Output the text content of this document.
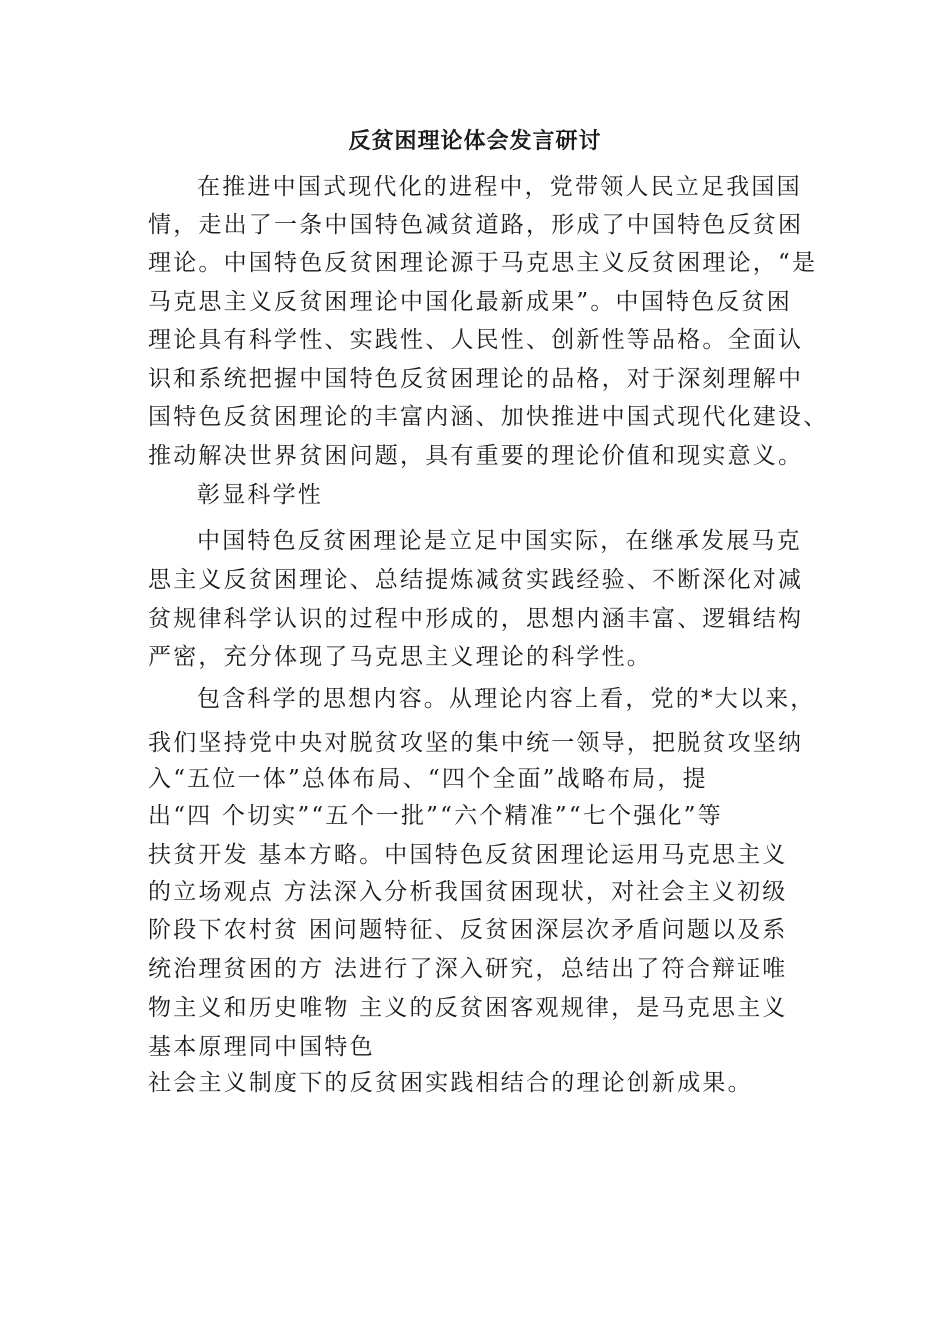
反贫困理论体会发言研讨
在推进中国式现代化的进程中，党带领人民立足我国国
情，走出了一条中国特色减贫道路，形成了中国特色反贫困
理论。中国特色反贫困理论源于马克思主义反贫困理论，“是
马克思主义反贫困理论中国化最新成果”。中国特色反贫困
理论具有科学性、实践性、人民性、创新性等品格。全面认
识和系统把握中国特色反贫困理论的品格，对于深刻理解中
国特色反贫困理论的丰富内涵、加快推进中国式现代化建设、
推动解决世界贫困问题，具有重要的理论价值和现实意义。
彰显科学性
中国特色反贫困理论是立足中国实际，在继承发展马克
思主义反贫困理论、总结提炼减贫实践经验、不断深化对减
贫规律科学认识的过程中形成的，思想内涵丰富、逻辑结构
严密，充分体现了马克思主义理论的科学性。
包含科学的思想内容。从理论内容上看，党的*大以来，
我们坚持党中央对脱贫攻坚的集中统一领导，把脱贫攻坚纳
入“五位一体”总体布局、“四个全面”战略布局，提
出“四 个切实”“五个一批”“六个精准”“七个强化”等
扶贫开发 基本方略。中国特色反贫困理论运用马克思主义
的立场观点 方法深入分析我国贫困现状，对社会主义初级
阶段下农村贫 困问题特征、反贫困深层次矛盾问题以及系
统治理贫困的方 法进行了深入研究，总结出了符合辩证唯
物主义和历史唯物 主义的反贫困客观规律，是马克思主义
基本原理同中国特色
社会主义制度下的反贫困实践相结合的理论创新成果。
